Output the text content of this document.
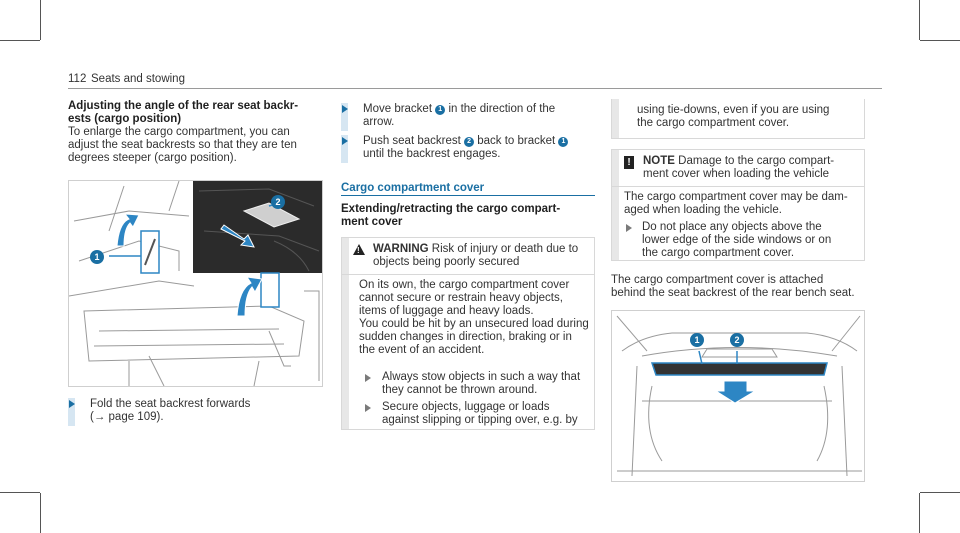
112 Seats and stowing
Adjusting the angle of the rear seat backr-
ests (cargo position)
To enlarge the cargo compartment, you can
adjust the seat backrests so that they are ten
degrees steeper (cargo position).
1
2
Fold the seat backrest forwards
(→ page 109).
Move bracket 1 in the direction of the
arrow.
Push seat backrest 2 back to bracket 1
until the backrest engages.
Cargo compartment cover
Extending/retracting the cargo compart-
ment cover
!
WARNING Risk of injury or death due to
objects being poorly secured
On its own, the cargo compartment cover
cannot secure or restrain heavy objects,
items of luggage and heavy loads.
You could be hit by an unsecured load during
sudden changes in direction, braking or in
the event of an accident.
Always stow objects in such a way that
they cannot be thrown around.
Secure objects, luggage or loads
against slipping or tipping over, e.g. by
using tie-downs, even if you are using
the cargo compartment cover.
! NOTE Damage to the cargo compart-
ment cover when loading the vehicle
The cargo compartment cover may be dam-
aged when loading the vehicle.
Do not place any objects above the
lower edge of the side windows or on
the cargo compartment cover.
The cargo compartment cover is attached
behind the seat backrest of the rear bench seat.
1	2
